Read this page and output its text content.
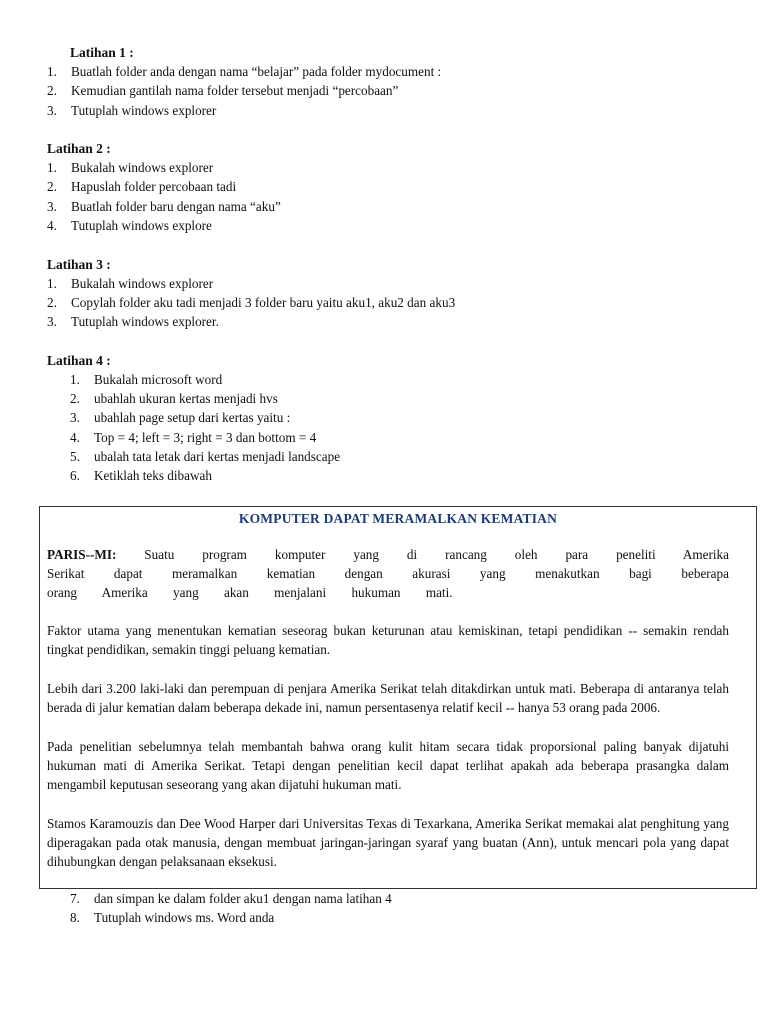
Latihan 1 :
1. Buatlah folder anda dengan nama “belajar” pada folder mydocument :
2. Kemudian gantilah nama folder tersebut menjadi “percobaan”
3. Tutuplah windows explorer
Latihan 2 :
1. Bukalah windows explorer
2. Hapuslah folder percobaan tadi
3. Buatlah folder baru dengan nama “aku”
4. Tutuplah windows explore
Latihan 3 :
1. Bukalah windows explorer
2. Copylah folder aku tadi menjadi 3 folder baru yaitu aku1, aku2 dan aku3
3. Tutuplah windows explorer.
Latihan 4 :
1. Bukalah microsoft word
2. ubahlah ukuran kertas menjadi hvs
3. ubahlah page setup dari kertas yaitu :
4. Top = 4; left = 3; right = 3 dan bottom = 4
5. ubalah tata letak dari kertas menjadi landscape
6. Ketiklah teks dibawah
KOMPUTER DAPAT MERAMALKAN KEMATIAN
PARIS--MI: Suatu program komputer yang di rancang oleh para peneliti Amerika Serikat dapat meramalkan kematian dengan akurasi yang menakutkan bagi beberapa orang Amerika yang akan menjalani hukuman mati.
Faktor utama yang menentukan kematian seseorag bukan keturunan atau kemiskinan, tetapi pendidikan -- semakin rendah tingkat pendidikan, semakin tinggi peluang kematian.
Lebih dari 3.200 laki-laki dan perempuan di penjara Amerika Serikat telah ditakdirkan untuk mati. Beberapa di antaranya telah berada di jalur kematian dalam beberapa dekade ini, namun persentasenya relatif kecil -- hanya 53 orang pada 2006.
Pada penelitian sebelumnya telah membantah bahwa orang kulit hitam secara tidak proporsional paling banyak dijatuhi hukuman mati di Amerika Serikat. Tetapi dengan penelitian kecil dapat terlihat apakah ada beberapa prasangka dalam mengambil keputusan seseorang yang akan dijatuhi hukuman mati.
Stamos Karamouzis dan Dee Wood Harper dari Universitas Texas di Texarkana, Amerika Serikat memakai alat penghitung yang diperagakan pada otak manusia, dengan membuat jaringan-jaringan syaraf yang buatan (Ann), untuk mencari pola yang dapat dihubungkan dengan pelaksanaan eksekusi.
7. dan simpan ke dalam folder aku1 dengan nama latihan 4
8. Tutuplah windows ms. Word anda
